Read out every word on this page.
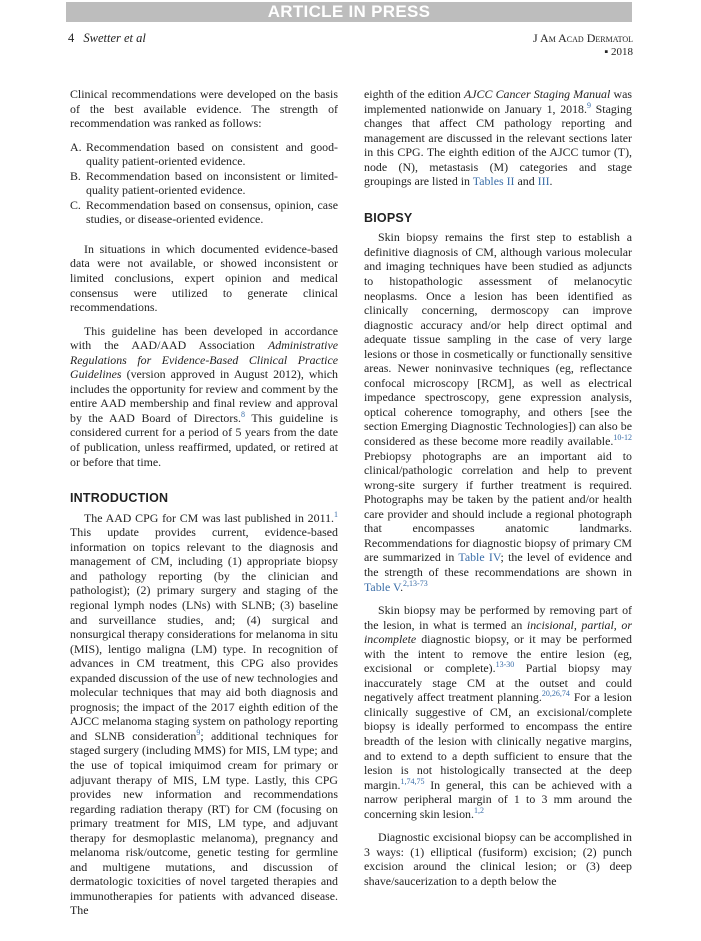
ARTICLE IN PRESS
4 Swetter et al	J Am Acad Dermatol
▪ 2018

Clinical recommendations were developed on the basis of the best available evidence. The strength of recommendation was ranked as follows:

A. Recommendation based on consistent and good-quality patient-oriented evidence.
B. Recommendation based on inconsistent or limited-quality patient-oriented evidence.
C. Recommendation based on consensus, opinion, case studies, or disease-oriented evidence.

In situations in which documented evidence-based data were not available, or showed inconsistent or limited conclusions, expert opinion and medical consensus were utilized to generate clinical recommendations.

This guideline has been developed in accordance with the AAD/AAD Association Administrative Regulations for Evidence-Based Clinical Practice Guidelines (version approved in August 2012), which includes the opportunity for review and comment by the entire AAD membership and final review and approval by the AAD Board of Directors.$^8$ This guideline is considered current for a period of 5 years from the date of publication, unless reaffirmed, updated, or retired at or before that time.

INTRODUCTION

The AAD CPG for CM was last published in 2011.$^1$ This update provides current, evidence-based information on topics relevant to the diagnosis and management of CM, including (1) appropriate biopsy and pathology reporting (by the clinician and pathologist); (2) primary surgery and staging of the regional lymph nodes (LNs) with SLNB; (3) baseline and surveillance studies, and; (4) surgical and nonsurgical therapy considerations for melanoma in situ (MIS), lentigo maligna (LM) type. In recognition of advances in CM treatment, this CPG also provides expanded discussion of the use of new technologies and molecular techniques that may aid both diagnosis and prognosis; the impact of the 2017 eighth edition of the AJCC melanoma staging system on pathology reporting and SLNB consideration$^9$; additional techniques for staged surgery (including MMS) for MIS, LM type; and the use of topical imiquimod cream for primary or adjuvant therapy of MIS, LM type. Lastly, this CPG provides new information and recommendations regarding radiation therapy (RT) for CM (focusing on primary treatment for MIS, LM type, and adjuvant therapy for desmoplastic melanoma), pregnancy and melanoma risk/outcome, genetic testing for germline and multigene mutations, and discussion of dermatologic toxicities of novel targeted therapies and immunotherapies for patients with advanced disease. The

eighth of the edition AJCC Cancer Staging Manual was implemented nationwide on January 1, 2018.$^9$ Staging changes that affect CM pathology reporting and management are discussed in the relevant sections later in this CPG. The eighth edition of the AJCC tumor (T), node (N), metastasis (M) categories and stage groupings are listed in Tables II and III.

BIOPSY

Skin biopsy remains the first step to establish a definitive diagnosis of CM, although various molecular and imaging techniques have been studied as adjuncts to histopathologic assessment of melanocytic neoplasms. Once a lesion has been identified as clinically concerning, dermoscopy can improve diagnostic accuracy and/or help direct optimal and adequate tissue sampling in the case of very large lesions or those in cosmetically or functionally sensitive areas. Newer noninvasive techniques (eg, reflectance confocal microscopy [RCM], as well as electrical impedance spectroscopy, gene expression analysis, optical coherence tomography, and others [see the section Emerging Diagnostic Technologies]) can also be considered as these become more readily available.$^{10-12}$ Prebiopsy photographs are an important aid to clinical/pathologic correlation and help to prevent wrong-site surgery if further treatment is required. Photographs may be taken by the patient and/or health care provider and should include a regional photograph that encompasses anatomic landmarks. Recommendations for diagnostic biopsy of primary CM are summarized in Table IV; the level of evidence and the strength of these recommendations are shown in Table V.$^{2,13-73}$

Skin biopsy may be performed by removing part of the lesion, in what is termed an incisional, partial, or incomplete diagnostic biopsy, or it may be performed with the intent to remove the entire lesion (eg, excisional or complete).$^{13-30}$ Partial biopsy may inaccurately stage CM at the outset and could negatively affect treatment planning.$^{20,26,74}$ For a lesion clinically suggestive of CM, an excisional/complete biopsy is ideally performed to encompass the entire breadth of the lesion with clinically negative margins, and to extend to a depth sufficient to ensure that the lesion is not histologically transected at the deep margin.$^{1,74,75}$ In general, this can be achieved with a narrow peripheral margin of 1 to 3 mm around the concerning skin lesion.$^{1,2}$

Diagnostic excisional biopsy can be accomplished in 3 ways: (1) elliptical (fusiform) excision; (2) punch excision around the clinical lesion; or (3) deep shave/saucerization to a depth below the
